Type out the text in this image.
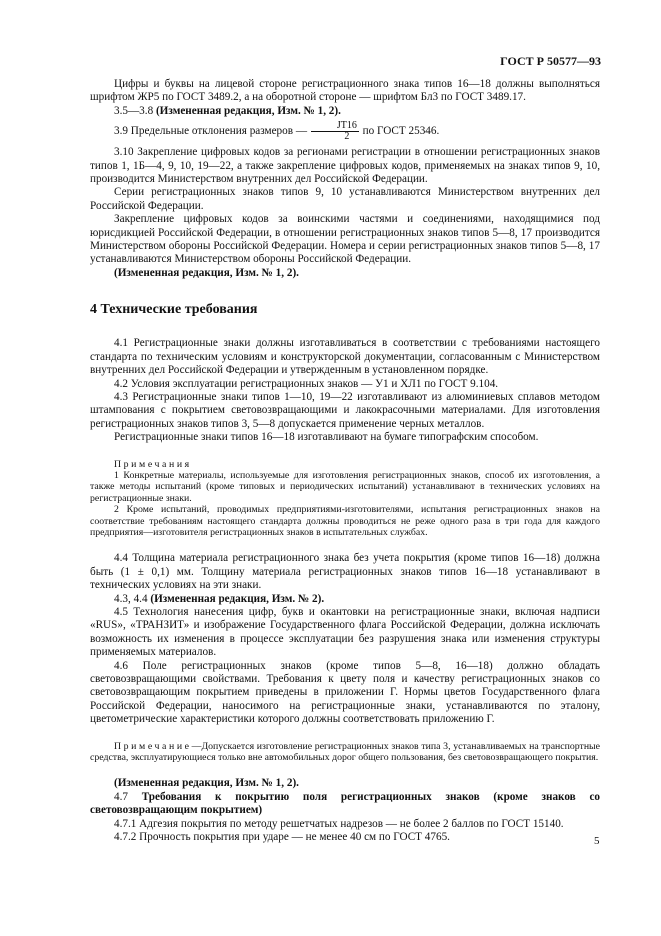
ГОСТ Р 50577—93

Цифры и буквы на лицевой стороне регистрационного знака типов 16—18 должны выполняться шрифтом ЖР5 по ГОСТ 3489.2, а на оборотной стороне — шрифтом Бл3 по ГОСТ 3489.17.

3.5—3.8 (Измененная редакция, Изм. № 1, 2).

3.9 Предельные отклонения размеров — $\frac{JT16}{2}$ по ГОСТ 25346.

3.10 Закрепление цифровых кодов за регионами регистрации в отношении регистрационных знаков типов 1, 1Б—4, 9, 10, 19—22, а также закрепление цифровых кодов, применяемых на знаках типов 9, 10, производится Министерством внутренних дел Российской Федерации.

Серии регистрационных знаков типов 9, 10 устанавливаются Министерством внутренних дел Российской Федерации.

Закрепление цифровых кодов за воинскими частями и соединениями, находящимися под юрисдикцией Российской Федерации, в отношении регистрационных знаков типов 5—8, 17 производится Министерством обороны Российской Федерации. Номера и серии регистрационных знаков типов 5—8, 17 устанавливаются Министерством обороны Российской Федерации.

(Измененная редакция, Изм. № 1, 2).

4 Технические требования

4.1 Регистрационные знаки должны изготавливаться в соответствии с требованиями настоящего стандарта по техническим условиям и конструкторской документации, согласованным с Министерством внутренних дел Российской Федерации и утвержденным в установленном порядке.

4.2 Условия эксплуатации регистрационных знаков — У1 и ХЛ1 по ГОСТ 9.104.

4.3 Регистрационные знаки типов 1—10, 19—22 изготавливают из алюминиевых сплавов методом штампования с покрытием световозвращающими и лакокрасочными материалами. Для изготовления регистрационных знаков типов 3, 5—8 допускается применение черных металлов.

Регистрационные знаки типов 16—18 изготавливают на бумаге типографским способом.

Примечания

1 Конкретные материалы, используемые для изготовления регистрационных знаков, способ их изготовления, а также методы испытаний (кроме типовых и периодических испытаний) устанавливают в технических условиях на регистрационные знаки.

2 Кроме испытаний, проводимых предприятиями-изготовителями, испытания регистрационных знаков на соответствие требованиям настоящего стандарта должны проводиться не реже одного раза в три года для каждого предприятия—изготовителя регистрационных знаков в испытательных службах.

4.4 Толщина материала регистрационного знака без учета покрытия (кроме типов 16—18) должна быть (1 ± 0,1) мм. Толщину материала регистрационных знаков типов 16—18 устанавливают в технических условиях на эти знаки.

4.3, 4.4 (Измененная редакция, Изм. № 2).

4.5 Технология нанесения цифр, букв и окантовки на регистрационные знаки, включая надписи «RUS», «ТРАНЗИТ» и изображение Государственного флага Российской Федерации, должна исключать возможность их изменения в процессе эксплуатации без разрушения знака или изменения структуры применяемых материалов.

4.6 Поле регистрационных знаков (кроме типов 5—8, 16—18) должно обладать световозвращающими свойствами. Требования к цвету поля и качеству регистрационных знаков со световозвращающим покрытием приведены в приложении Г. Нормы цветов Государственного флага Российской Федерации, наносимого на регистрационные знаки, устанавливаются по эталону, цветометрические характеристики которого должны соответствовать приложению Г.

Примечание—Допускается изготовление регистрационных знаков типа 3, устанавливаемых на транспортные средства, эксплуатирующиеся только вне автомобильных дорог общего пользования, без световозвращающего покрытия.

(Измененная редакция, Изм. № 1, 2).

4.7 Требования к покрытию поля регистрационных знаков (кроме знаков со световозвращающим покрытием)

4.7.1 Адгезия покрытия по методу решетчатых надрезов — не более 2 баллов по ГОСТ 15140.

4.7.2 Прочность покрытия при ударе — не менее 40 см по ГОСТ 4765.	5
